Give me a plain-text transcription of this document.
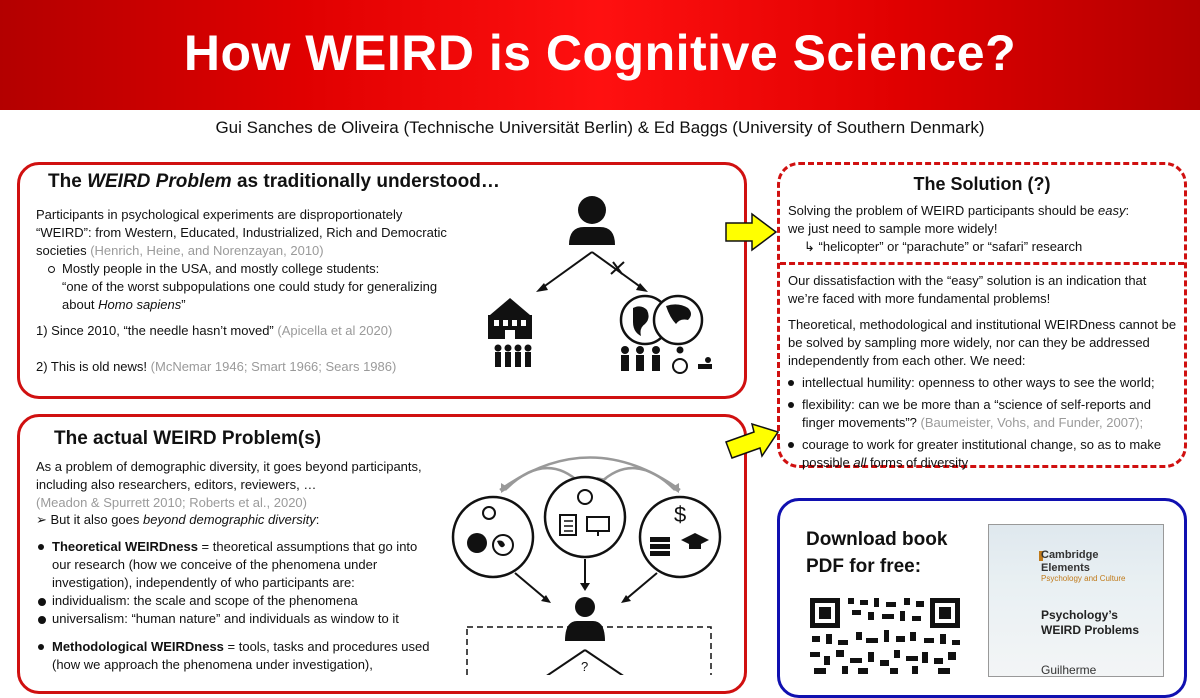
How WEIRD is Cognitive Science?
Gui Sanches de Oliveira (Technische Universität Berlin) & Ed Baggs (University of Southern Denmark)
The WEIRD Problem as traditionally understood…
Participants in psychological experiments are disproportionately “WEIRD”: from Western, Educated, Industrialized, Rich and Democratic societies (Henrich, Heine, and Norenzayan, 2010)
Mostly people in the USA, and mostly college students:
“one of the worst subpopulations one could study for generalizing about Homo sapiens”
1) Since 2010, “the needle hasn’t moved” (Apicella et al 2020)
2) This is old news! (McNemar 1946; Smart 1966; Sears 1986)
The actual WEIRD Problem(s)
As a problem of demographic diversity, it goes beyond participants, including also researchers, editors, reviewers, …
(Meadon & Spurrett 2010; Roberts et al., 2020)
➢ But it also goes beyond demographic diversity:
Theoretical WEIRDness = theoretical assumptions that go into our research (how we conceive of the phenomena under investigation), independently of who participants are:
individualism: the scale and scope of the phenomena
universalism: “human nature” and individuals as window to it
Methodological WEIRDness = tools, tasks and procedures used (how we approach the phenomena under investigation),
$
?
The Solution (?)
Solving the problem of WEIRD participants should be easy:
we just need to sample more widely!
↳ “helicopter” or “parachute” or “safari” research
Our dissatisfaction with the “easy” solution is an indication that we’re faced with more fundamental problems!
Theoretical, methodological and institutional WEIRDness cannot be be solved by sampling more widely, nor can they be addressed independently from each other. We need:
intellectual humility: openness to other ways to see the world;
flexibility: can we be more than a “science of self-reports and finger movements”? (Baumeister, Vohs, and Funder, 2007);
courage to work for greater institutional change, so as to make possible all forms of diversity
Download book PDF for free:
Cambridge Elements
Psychology and Culture
Psychology’s WEIRD Problems
Guilherme
